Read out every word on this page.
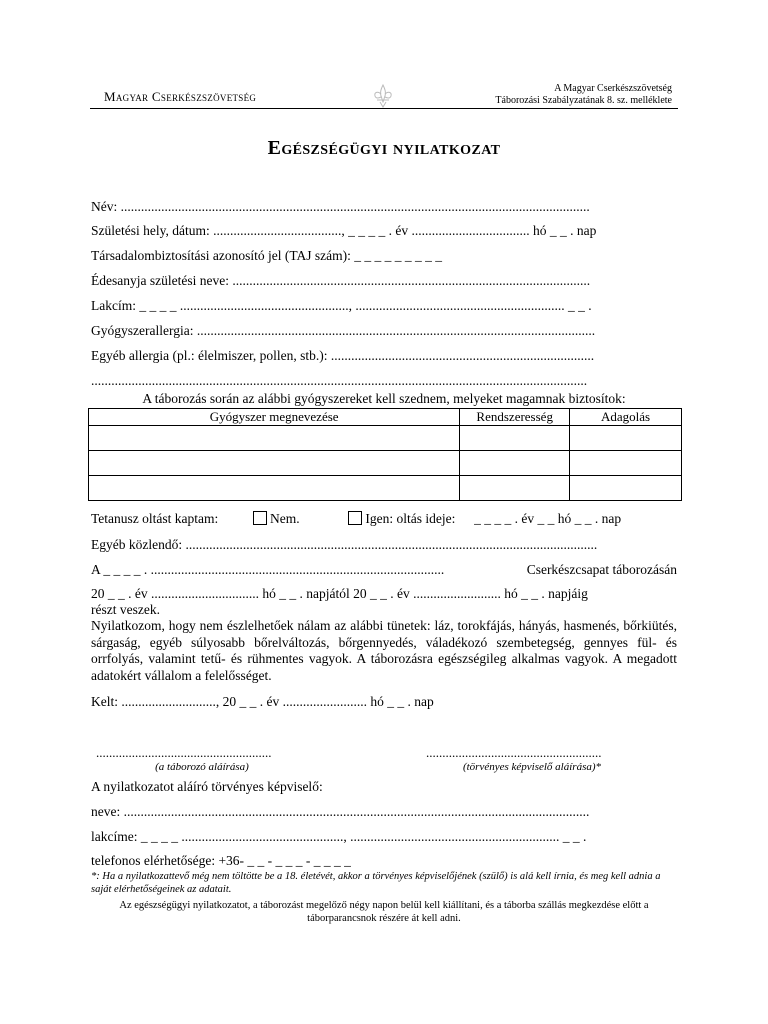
Magyar Cserkészszövetség
A Magyar Cserkészszövetség
Táborozási Szabályzatának 8. sz. melléklete
Egészségügyi nyilatkozat
Név: ...........................................................................................................................................
Születési hely, dátum: ......................................, _ _ _ _ . év ................................... hó _ _ . nap
Társadalombiztosítási azonosító jel (TAJ szám): _ _ _ _ _ _ _ _ _
Édesanyja születési neve: ..........................................................................................................
Lakcím: _ _ _ _ .................................................., .............................................................. _ _ .
Gyógyszerallergia: ......................................................................................................................
Egyéb allergia (pl.: élelmiszer, pollen, stb.): ..............................................................................
...................................................................................................................................................
A táborozás során az alábbi gyógyszereket kell szednem, melyeket magamnak biztosítok:
Gyógyszer megnevezése	Rendszeresség	Adagolás

Tetanusz oltást kaptam:	Nem.	Igen: oltás ideje: _ _ _ _ . év _ _ hó _ _ . nap
Egyéb közlendő: ..........................................................................................................................
A _ _ _ _ . .......................................................................................	Cserkészcsapat táborozásán
20 _ _ . év ................................ hó _ _ . napjától 20 _ _ . év .......................... hó _ _ . napjáig
részt veszek.
Nyilatkozom, hogy nem észlelhetőek nálam az alábbi tünetek: láz, torokfájás, hányás, hasmenés, bőrkiütés, sárgaság, egyéb súlyosabb bőrelváltozás, bőrgennyedés, váladékozó szembetegség, gennyes fül- és orrfolyás, valamint tetű- és rühmentes vagyok. A táborozásra egészségileg alkalmas vagyok. A megadott adatokért vállalom a felelősséget.
Kelt: ............................, 20 _ _ . év ......................... hó _ _ . nap
......................................................
(a táborozó aláírása)
......................................................
(törvényes képviselő aláírása)*
A nyilatkozatot aláíró törvényes képviselő:
neve: ..........................................................................................................................................
lakcíme: _ _ _ _ ................................................, .............................................................. _ _ .
telefonos elérhetősége: +36- _ _ - _ _ _ - _ _ _ _
*: Ha a nyilatkozattevő még nem töltötte be a 18. életévét, akkor a törvényes képviselőjének (szülő) is alá kell írnia, és meg kell adnia a saját elérhetőségeinek az adatait.
Az egészségügyi nyilatkozatot, a táborozást megelőző négy napon belül kell kiállítani, és a táborba szállás megkezdése előtt a táborparancsnok részére át kell adni.
